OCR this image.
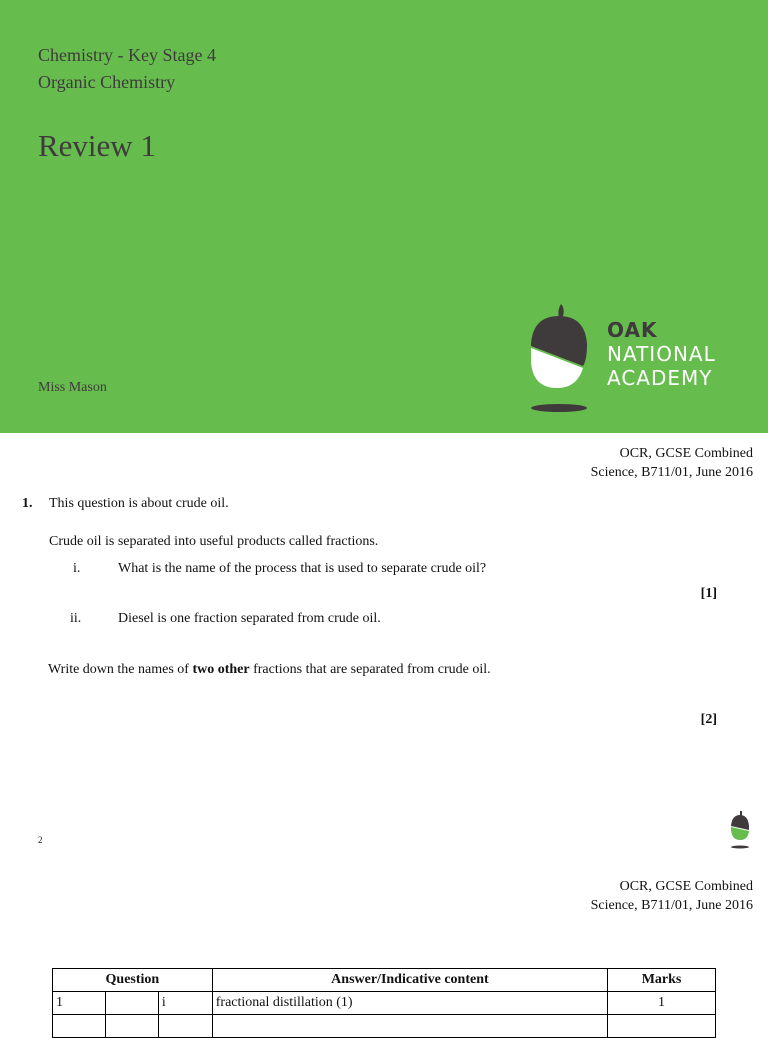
Chemistry - Key Stage 4
Organic Chemistry
Review 1
Miss Mason
OAK
NATIONAL
ACADEMY
OCR, GCSE Combined
Science, B711/01, June 2016
1. This question is about crude oil.
Crude oil is separated into useful products called fractions.
i.	What is the name of the process that is used to separate crude oil?
[1]
ii.	Diesel is one fraction separated from crude oil.
Write down the names of two other fractions that are separated from crude oil.
[2]
2
OCR, GCSE Combined
Science, B711/01, June 2016
Question			Answer/Indicative content	Marks
1		i	fractional distillation (1)	1
